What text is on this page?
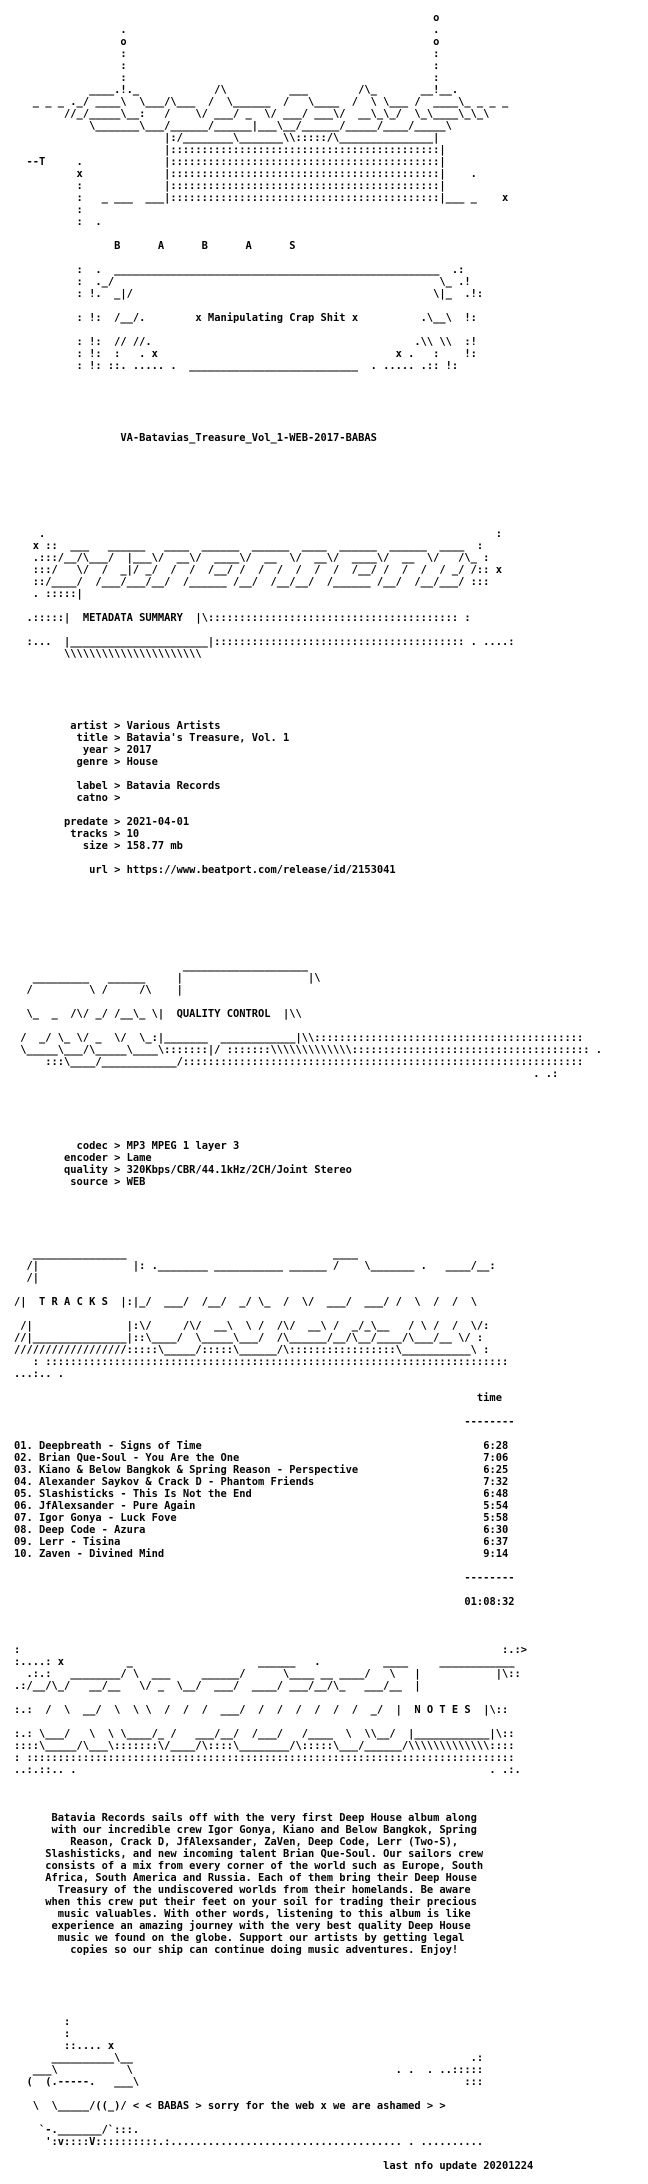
o
.                                                 .
o                                                 o
:                                                 :
:                                                 :
:                                                 :
____.!._            /\          ___        /\_       __!__.
_ _ _ ._/ ____\  \___/\___  /  \______  /   \____  /  \ \___ /  ____\_ _ _ _
//_/_____\__:   /    \/ ___/ _  \/ ___/ ___\/  __\_\_/  \_\____\_\_\
\_______\___/______/______|___\__/______/_____/____/_____\
|:/________\_______\\:::::/\_______________|
|:::::::::::::::::::::::::::::::::::::::::::|
--T     .             |:::::::::::::::::::::::::::::::::::::::::::|
x             |:::::::::::::::::::::::::::::::::::::::::::|    .
:             |:::::::::::::::::::::::::::::::::::::::::::|
:   _ ___  ___|:::::::::::::::::::::::::::::::::::::::::::|___ _    x
:
:  .

B      A      B      A      S

:  .  ____________________________________________________  .:
:  ._/                                                    \_ .!
: !.  _|/                                                \|_  .!:

: !:  /__/.        x Manipulating Crap Shit x          .\__\  !:

: !:  // //.                                          .\\ \\  :!
: !:  :   . x                                      x .   :    !:
: !: ::. ..... .  ___________________________  . ..... .:: !:

VA-Batavias_Treasure_Vol_1-WEB-2017-BABAS

.                                                                        :
x ::  ___   ______   ____  ______  ______  ____  ______  ______  ____  :
.:::/__/\___/  |___\/  __\/  ____\/  __  \/  __\/  ____\/  __  \/   /\_ :
:::/   \/  /  _|/ _/  /  /  /__/ /  /  /  /  /  /  /__/ /  /  /  / _/ /:: x
::/____/  /___/___/__/  /______ /__/  /__/__/  /______ /__/  /__/___/ :::
. :::::|

.:::::|  METADATA SUMMARY  |\:::::::::::::::::::::::::::::::::::::::: :

:...  |______________________|:::::::::::::::::::::::::::::::::::::::: . ....:
\\\\\\\\\\\\\\\\\\\\\\

artist > Various Artists
title > Batavia's Treasure, Vol. 1
year > 2017
genre > House

label > Batavia Records
catno >

predate > 2021-04-01
tracks > 10
size > 158.77 mb

url > https://www.beatport.com/release/id/2153041

____________________
_________   ______     |                    |\
/         \ /     /\    |

\_  _  /\/ _/ /__\_ \|  QUALITY CONTROL  |\\

/  _/ \_ \/ _  \/  \_:|_______  ____________|\\:::::::::::::::::::::::::::::::::::::::::::
\_____\___/\_____\____\:::::::|/ :::::::\\\\\\\\\\\\\:::::::::::::::::::::::::::::::::::::: .
:::\____/____________/::::::::::::::::::::::::::::::::::::::::::::::::::::::::::::::::
. .:

codec > MP3 MPEG 1 layer 3
encoder > Lame
quality > 320Kbps/CBR/44.1kHz/2CH/Joint Stereo
source > WEB

_______________                                 ____
/|               |: .________ ___________ ______ /    \_______ .   ____/__:
/|

/|  T R A C K S  |:|_/  ___/  /__/  _/ \_  /  \/  ___/  ___/ /  \  /  /  \

/|               |:\/     /\/  __\  \ /  /\/  __\ /  _/_\__   / \ /  /  \/:
//|_______________|::\____/  \_____\___/  /\______/__/\__/____/\___/__ \/ :
//////////////////:::::\_____/:::::\______/\:::::::::::::::::\___________\ :
: ::::::::::::::::::::::::::::::::::::::::::::::::::::::::::::::::::::::::::
...:.. .

time

--------

01. Deepbreath - Signs of Time                                             6:28
02. Brian Que-Soul - You Are the One                                       7:06
03. Kiano & Below Bangkok & Spring Reason - Perspective                    6:25
04. Alexander Saykov & Crack D - Phantom Friends                           7:32
05. Slashisticks - This Is Not the End                                     6:48
06. JfAlexsander - Pure Again                                              5:54
07. Igor Gonya - Luck Fove                                                 5:58
08. Deep Code - Azura                                                      6:30
09. Lerr - Tisina                                                          6:37
10. Zaven - Divined Mind                                                   9:14

--------

01:08:32

:                                                                             :.:>
:....: x          _                    ______   .          ____     ____________
.:.:   ________/ \  ___     ______/      \____ __ ____/   \   |            |\::
.:/__/\_/   __/__   \/ _  \__/  ___/  ____/ ___/__/\_   ___/__  |

:.:  /  \  __/  \  \ \  /  /  /  ___/  /  /  /  /  /  /  _/  |  N O T E S  |\::

:.: \___/   \  \ \____/_ /   ___/__/  /___/   /____  \  \\__/  |____________|\::
::::\_____/\___\:::::::\/____/\::::\________/\:::::\___/______/\\\\\\\\\\\\\::::
: ::::::::::::::::::::::::::::::::::::::::::::::::::::::::::::::::::::::::::::::
..:.::.. .                                                                  . .:.

Batavia Records sails off with the very first Deep House album along
with our incredible crew Igor Gonya, Kiano and Below Bangkok, Spring
Reason, Crack D, JfAlexsander, ZaVen, Deep Code, Lerr (Two-S),
Slashisticks, and new incoming talent Brian Que-Soul. Our sailors crew
consists of a mix from every corner of the world such as Europe, South
Africa, South America and Russia. Each of them bring their Deep House
Treasury of the undiscovered worlds from their homelands. Be aware
when this crew put their feet on your soil for trading their precious
music valuables. With other words, listening to this album is like
experience an amazing journey with the very best quality Deep House
music we found on the globe. Support our artists by getting legal
copies so our ship can continue doing music adventures. Enjoy!

:
:
::.... x
__________\__                                                      .:
___\           \                                          . .  . ..:::::
(  (.-----.   ___\                                                    :::

\  \_____/((_)/ < < BABAS > sorry for the web x we are ashamed > >

`-._______/`:::.
':v::::V::::::::::.:..................................... . ..........

last nfo update 20201224
